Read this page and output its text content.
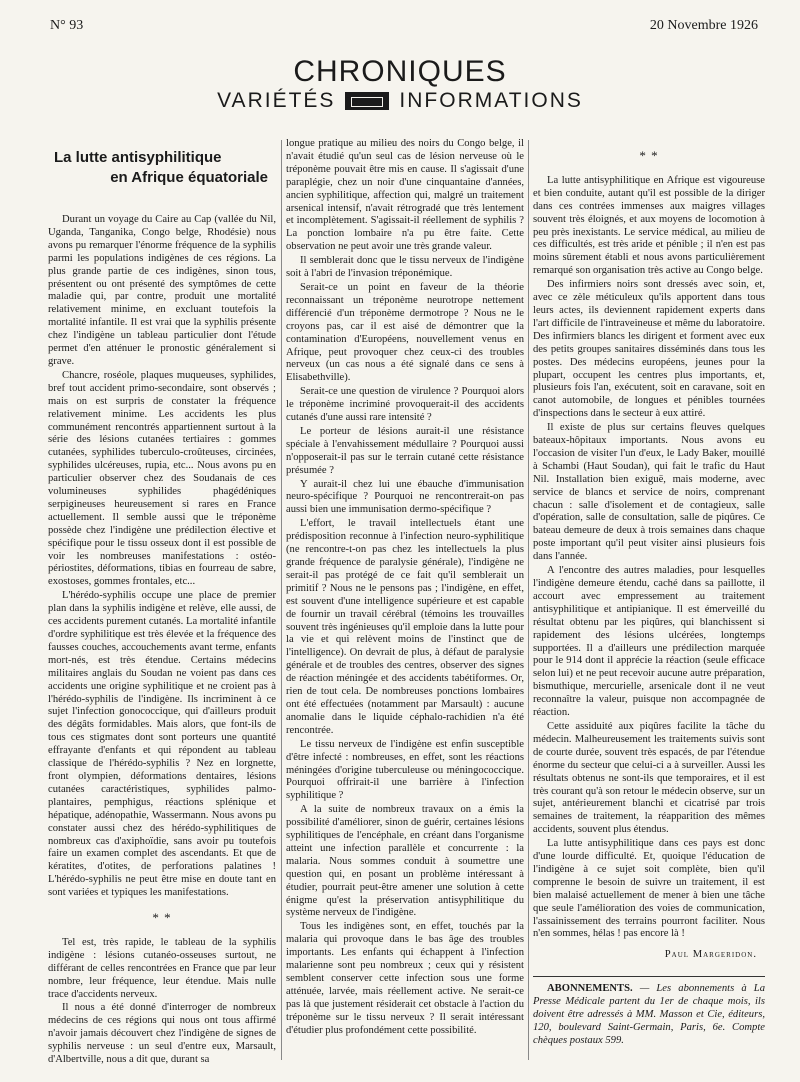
N° 93	20 Novembre 1926
CHRONIQUES
VARIÉTÉS	INFORMATIONS
La lutte antisyphilitique
en Afrique équatoriale

Durant un voyage du Caire au Cap (vallée du Nil, Uganda, Tanganika, Congo belge, Rhodésie) nous avons pu remarquer l'énorme fréquence de la syphilis parmi les populations indigènes de ces régions. La plus grande partie de ces indigènes, sinon tous, présentent ou ont présenté des symptômes de cette maladie qui, par contre, produit une mortalité relativement minime, en excluant toutefois la mortalité infantile. Il est vrai que la syphilis présente chez l'indigène un tableau particulier dont l'étude permet d'en atténuer le pronostic généralement si grave.

Chancre, roséole, plaques muqueuses, syphilides, bref tout accident primo-secondaire, sont observés ; mais on est surpris de constater la fréquence relativement minime. Les accidents les plus communément rencontrés appartiennent surtout à la série des lésions cutanées tertiaires : gommes cutanées, syphilides tuberculo-croûteuses, circinées, syphilides ulcéreuses, rupia, etc... Nous avons pu en particulier observer chez des Soudanais de ces volumineuses syphilides phagédéniques serpigineuses heureusement si rares en France actuellement. Il semble aussi que le tréponème possède chez l'indigène une prédilection élective et spécifique pour le tissu osseux dont il est possible de voir les nombreuses manifestations : ostéo-périostites, déformations, tibias en fourreau de sabre, exostoses, gommes frontales, etc...

L'hérédo-syphilis occupe une place de premier plan dans la syphilis indigène et relève, elle aussi, de ces accidents purement cutanés. La mortalité infantile d'ordre syphilitique est très élevée et la fréquence des fausses couches, accouchements avant terme, enfants mort-nés, est très étendue. Certains médecins militaires anglais du Soudan ne voient pas dans ces accidents une origine syphilitique et ne croient pas à l'hérédo-syphilis de l'indigène. Ils incriminent à ce sujet l'infection gonococcique, qui d'ailleurs produit des dégâts formidables. Mais alors, que font-ils de tous ces stigmates dont sont porteurs une quantité effrayante d'enfants et qui répondent au tableau classique de l'hérédo-syphilis ? Nez en lorgnette, front olympien, déformations dentaires, lésions cutanées caractéristiques, syphilides palmo-plantaires, pemphigus, réactions splénique et hépatique, adénopathie, Wassermann. Nous avons pu constater aussi chez des hérédo-syphilitiques de nombreux cas d'axiphoïdie, sans avoir pu toutefois faire un examen complet des ascendants. Et que de kératites, d'otites, de perforations palatines ! L'hérédo-syphilis ne peut être mise en doute tant en sont variées et typiques les manifestations.

* *

Tel est, très rapide, le tableau de la syphilis indigène : lésions cutanéo-osseuses surtout, ne différant de celles rencontrées en France que par leur nombre, leur fréquence, leur étendue. Mais nulle trace d'accidents nerveux.

Il nous a été donné d'interroger de nombreux médecins de ces régions qui nous ont tous affirmé n'avoir jamais découvert chez l'indigène de signes de syphilis nerveuse : un seul d'entre eux, Marsault, d'Albertville, nous a dit que, durant sa

longue pratique au milieu des noirs du Congo belge, il n'avait étudié qu'un seul cas de lésion nerveuse où le tréponème pouvait être mis en cause. Il s'agissait d'une paraplégie, chez un noir d'une cinquantaine d'années, ancien syphilitique, affection qui, malgré un traitement arsenical intensif, n'avait rétrogradé que très lentement et incomplètement. S'agissait-il réellement de syphilis ? La ponction lombaire n'a pu être faite. Cette observation ne peut avoir une très grande valeur.

Il semblerait donc que le tissu nerveux de l'indigène soit à l'abri de l'invasion tréponémique.

Serait-ce un point en faveur de la théorie reconnaissant un tréponème neurotrope nettement différencié d'un tréponème dermotrope ? Nous ne le croyons pas, car il est aisé de démontrer que la contamination d'Européens, nouvellement venus en Afrique, peut provoquer chez ceux-ci des troubles nerveux (un cas nous a été signalé dans ce sens à Elisabethville).

Serait-ce une question de virulence ? Pourquoi alors le tréponème incriminé provoquerait-il des accidents cutanés d'une aussi rare intensité ?

Le porteur de lésions aurait-il une résistance spéciale à l'envahissement médullaire ? Pourquoi aussi n'opposerait-il pas sur le terrain cutané cette résistance présumée ?

Y aurait-il chez lui une ébauche d'immunisation neuro-spécifique ? Pourquoi ne rencontrerait-on pas aussi bien une immunisation dermo-spécifique ?

L'effort, le travail intellectuels étant une prédisposition reconnue à l'infection neuro-syphilitique (ne rencontre-t-on pas chez les intellectuels la plus grande fréquence de paralysie générale), l'indigène ne serait-il pas protégé de ce fait qu'il semblerait un primitif ? Nous ne le pensons pas ; l'indigène, en effet, est souvent d'une intelligence supérieure et est capable de fournir un travail cérébral (témoins les trouvailles souvent très ingénieuses qu'il emploie dans la lutte pour la vie et qui relèvent moins de l'instinct que de l'intelligence). On devrait de plus, à défaut de paralysie générale et de troubles des centres, observer des signes de réaction méningée et des accidents tabétiformes. Or, rien de tout cela. De nombreuses ponctions lombaires ont été effectuées (notamment par Marsault) : aucune anomalie dans le liquide céphalo-rachidien n'a été rencontrée.

Le tissu nerveux de l'indigène est enfin susceptible d'être infecté : nombreuses, en effet, sont les réactions méningées d'origine tuberculeuse ou méningococcique. Pourquoi offrirait-il une barrière à l'infection syphilitique ?

A la suite de nombreux travaux on a émis la possibilité d'améliorer, sinon de guérir, certaines lésions syphilitiques de l'encéphale, en créant dans l'organisme atteint une infection parallèle et concurrente : la malaria. Nous sommes conduit à soumettre une question qui, en posant un problème intéressant à étudier, pourrait peut-être amener une solution à cette énigme qu'est la préservation antisyphilitique du système nerveux de l'indigène.

Tous les indigènes sont, en effet, touchés par la malaria qui provoque dans le bas âge des troubles importants. Les enfants qui échappent à l'infection malarienne sont peu nombreux ; ceux qui y résistent semblent conserver cette infection sous une forme atténuée, larvée, mais réellement active. Ne serait-ce pas là que justement résiderait cet obstacle à l'action du tréponème sur le tissu nerveux ? Il serait intéressant d'étudier plus profondément cette possibilité.

* *

La lutte antisyphilitique en Afrique est vigoureuse et bien conduite, autant qu'il est possible de la diriger dans ces contrées immenses aux maigres villages souvent très éloignés, et aux moyens de locomotion à peu près inexistants. Le service médical, au milieu de ces difficultés, est très aride et pénible ; il n'en est pas moins sûrement établi et nous avons particulièrement remarqué son organisation très active au Congo belge.

Des infirmiers noirs sont dressés avec soin, et, avec ce zèle méticuleux qu'ils apportent dans tous leurs actes, ils deviennent rapidement experts dans l'art difficile de l'intraveineuse et même du laboratoire. Des infirmiers blancs les dirigent et forment avec eux des petits groupes sanitaires disséminés dans tous les postes. Des médecins européens, jeunes pour la plupart, occupent les centres plus importants, et, plusieurs fois l'an, exécutent, soit en caravane, soit en canot automobile, de longues et pénibles tournées d'inspections dans le secteur à eux attiré.

Il existe de plus sur certains fleuves quelques bateaux-hôpitaux importants. Nous avons eu l'occasion de visiter l'un d'eux, le Lady Baker, mouillé à Schambi (Haut Soudan), qui fait le trafic du Haut Nil. Installation bien exiguë, mais moderne, avec service de blancs et service de noirs, comprenant chacun : salle d'isolement et de contagieux, salle d'opération, salle de consultation, salle de piqûres. Ce bateau demeure de deux à trois semaines dans chaque poste important qu'il peut visiter ainsi plusieurs fois dans l'année.

A l'encontre des autres maladies, pour lesquelles l'indigène demeure étendu, caché dans sa paillotte, il accourt avec empressement au traitement antisyphilitique et antipianique. Il est émerveillé du résultat obtenu par les piqûres, qui blanchissent si rapidement des lésions ulcérées, longtemps supportées. Il a d'ailleurs une prédilection marquée pour le 914 dont il apprécie la réaction (seule efficace selon lui) et ne peut recevoir aucune autre préparation, bismuthique, mercurielle, arsenicale dont il ne veut reconnaître la valeur, puisque non accompagnée de réaction.

Cette assiduité aux piqûres facilite la tâche du médecin. Malheureusement les traitements suivis sont de courte durée, souvent très espacés, de par l'étendue énorme du secteur que celui-ci a à surveiller. Aussi les résultats obtenus ne sont-ils que temporaires, et il est très courant qu'à son retour le médecin observe, sur un sujet, antérieurement blanchi et cicatrisé par trois semaines de traitement, la réapparition des mêmes accidents, souvent plus étendus.

La lutte antisyphilitique dans ces pays est donc d'une lourde difficulté. Et, quoique l'éducation de l'indigène à ce sujet soit complète, bien qu'il comprenne le besoin de suivre un traitement, il est bien malaisé actuellement de mener à bien une tâche que seule l'amélioration des voies de communication, l'assainissement des terrains pourront faciliter. Nous n'en sommes, hélas ! pas encore là !

Paul Margeridon.

ABONNEMENTS. — Les abonnements à La Presse Médicale partent du 1er de chaque mois, ils doivent être adressés à MM. Masson et Cie, éditeurs, 120, boulevard Saint-Germain, Paris, 6e. Compte chèques postaux 599.
